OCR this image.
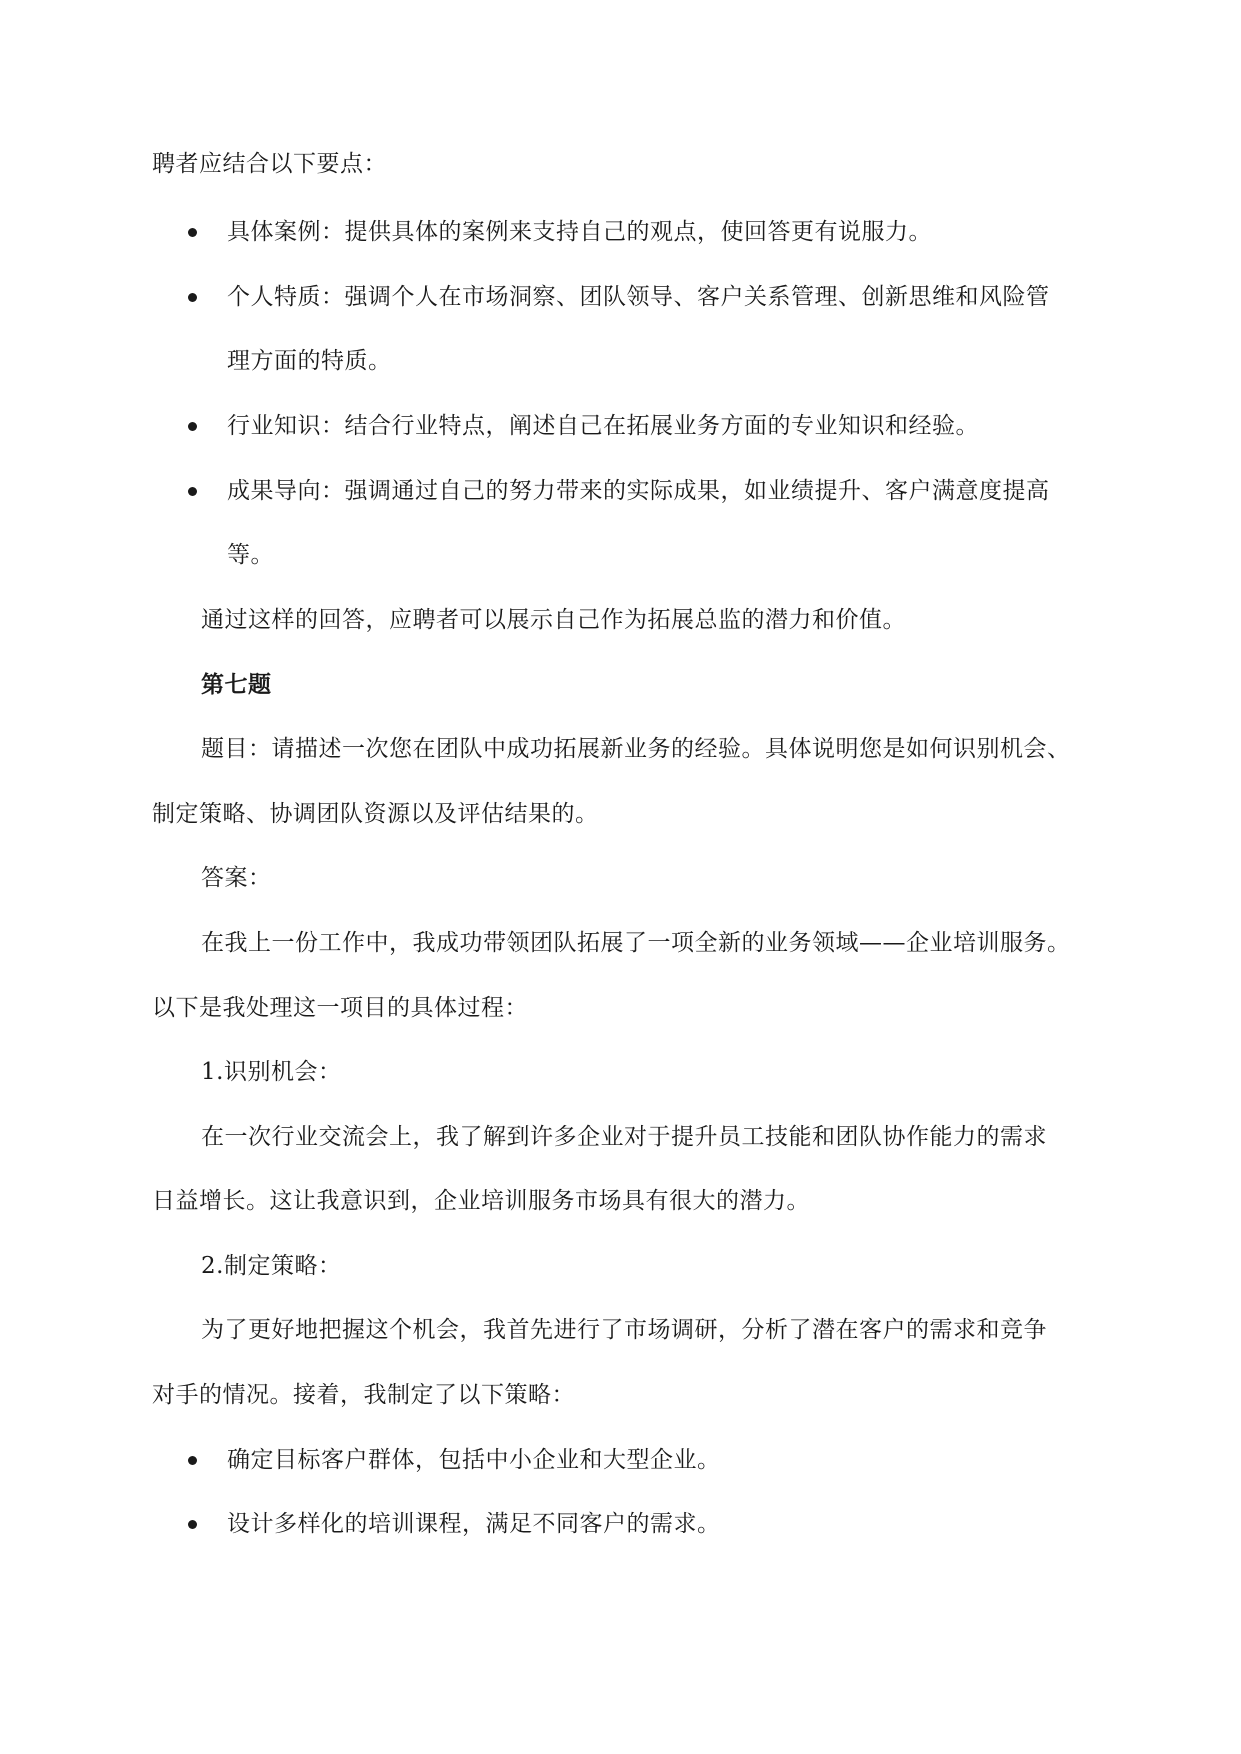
聘者应结合以下要点：
具体案例：提供具体的案例来支持自己的观点，使回答更有说服力。
个人特质：强调个人在市场洞察、团队领导、客户关系管理、创新思维和风险管
理方面的特质。
行业知识：结合行业特点，阐述自己在拓展业务方面的专业知识和经验。
成果导向：强调通过自己的努力带来的实际成果，如业绩提升、客户满意度提高
等。
通过这样的回答，应聘者可以展示自己作为拓展总监的潜力和价值。
第七题
题目：请描述一次您在团队中成功拓展新业务的经验。具体说明您是如何识别机会、
制定策略、协调团队资源以及评估结果的。
答案：
在我上一份工作中，我成功带领团队拓展了一项全新的业务领域——企业培训服务。
以下是我处理这一项目的具体过程：
1.识别机会：
在一次行业交流会上，我了解到许多企业对于提升员工技能和团队协作能力的需求
日益增长。这让我意识到，企业培训服务市场具有很大的潜力。
2.制定策略：
为了更好地把握这个机会，我首先进行了市场调研，分析了潜在客户的需求和竞争
对手的情况。接着，我制定了以下策略：
确定目标客户群体，包括中小企业和大型企业。
设计多样化的培训课程，满足不同客户的需求。
